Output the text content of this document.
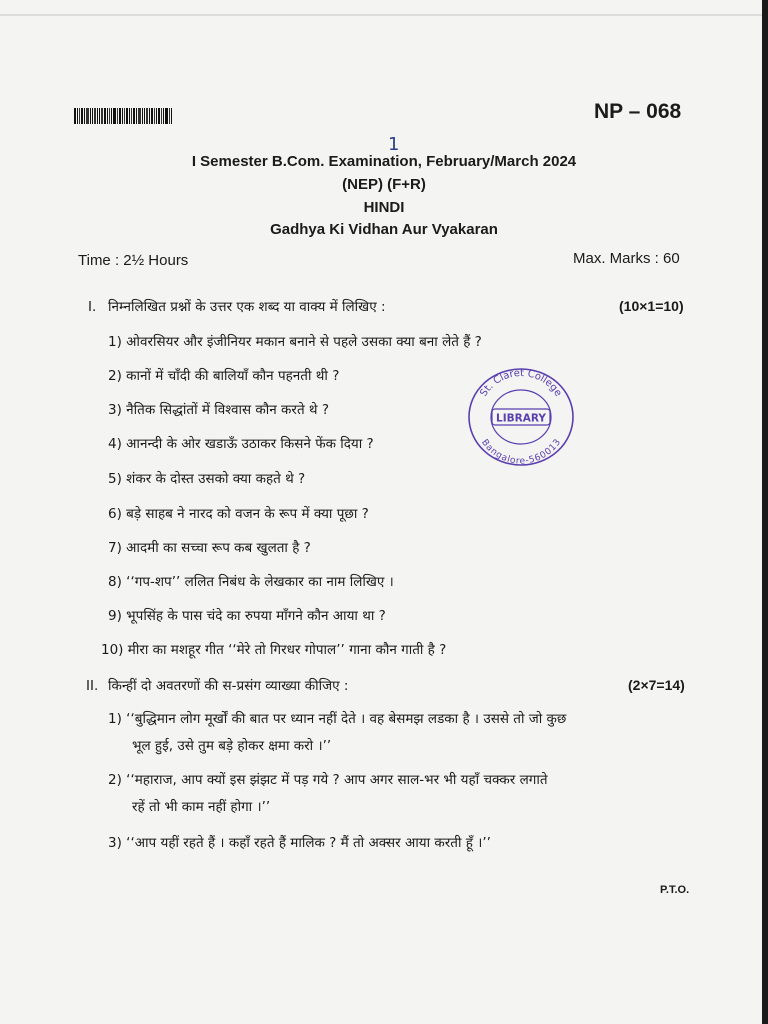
NP – 068
1
I Semester B.Com. Examination, February/March 2024
(NEP) (F+R)
HINDI
Gadhya Ki Vidhan Aur Vyakaran
Time : 2½ Hours	Max. Marks : 60
I. निम्नलिखित प्रश्नों के उत्तर एक शब्द या वाक्य में लिखिए :	(10×1=10)
1) ओवरसियर और इंजीनियर मकान बनाने से पहले उसका क्या बना लेते हैं ?
2) कानों में चाँदी की बालियाँ कौन पहनती थी ?
3) नैतिक सिद्धांतों में विश्वास कौन करते थे ?
4) आनन्दी के ओर खडाऊँ उठाकर किसने फेंक दिया ?
5) शंकर के दोस्त उसको क्या कहते थे ?
6) बड़े साहब ने नारद को वजन के रूप में क्या पूछा ?
7) आदमी का सच्चा रूप कब खुलता है ?
8) ‘‘गप-शप’’ ललित निबंध के लेखकार का नाम लिखिए ।
9) भूपसिंह के पास चंदे का रुपया माँगने कौन आया था ?
10) मीरा का मशहूर गीत ‘‘मेरे तो गिरधर गोपाल’’ गाना कौन गाती है ?
II. किन्हीं दो अवतरणों की स-प्रसंग व्याख्या कीजिए :	(2×7=14)
1) ‘‘बुद्धिमान लोग मूर्खों की बात पर ध्यान नहीं देते । वह बेसमझ लडका है । उससे तो जो कुछ
भूल हुई, उसे तुम बड़े होकर क्षमा करो ।’’
2) ‘‘महाराज, आप क्यों इस झंझट में पड़ गये ? आप अगर साल-भर भी यहाँ चक्कर लगाते
रहें तो भी काम नहीं होगा ।’’
3) ‘‘आप यहीं रहते हैं । कहाँ रहते हैं मालिक ? मैं तो अक्सर आया करती हूँ ।’’
St. Claret College
LIBRARY
Bangalore-560013
P.T.O.
